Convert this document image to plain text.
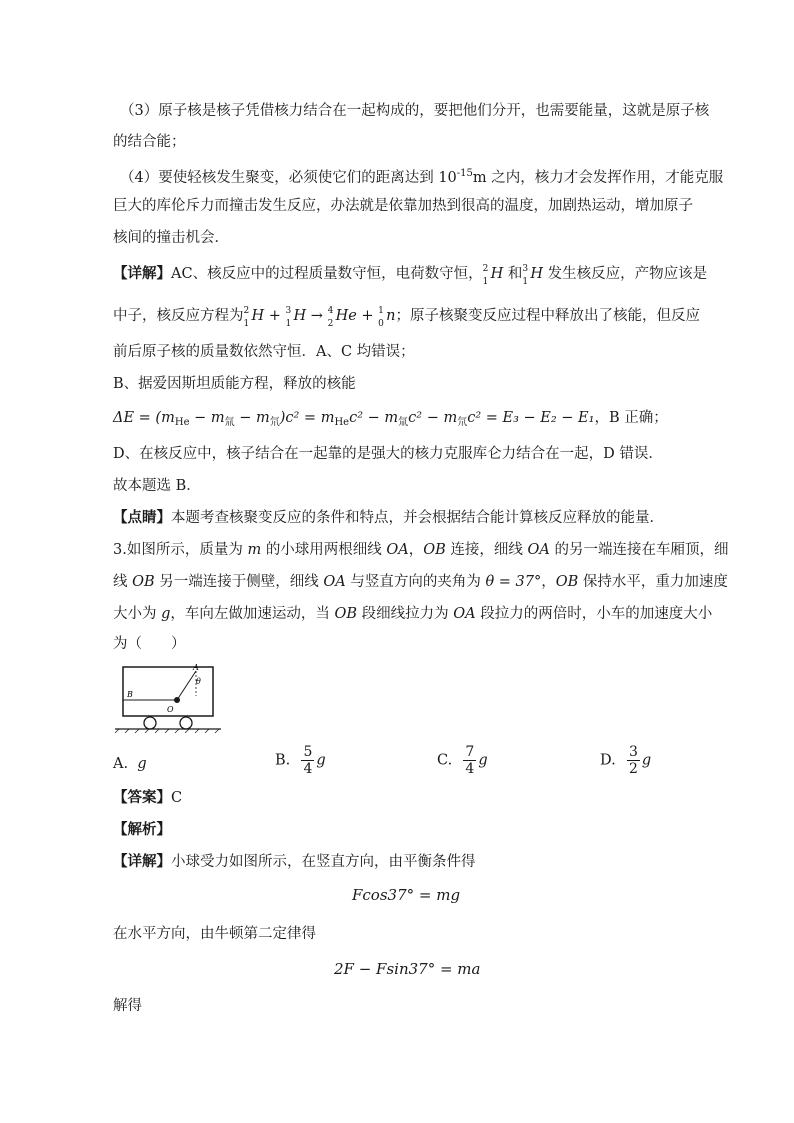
（3）原子核是核子凭借核力结合在一起构成的，要把他们分开，也需要能量，这就是原子核
的结合能；
（4）要使轻核发生聚变，必须使它们的距离达到 $10^{-15}m$ 之内，核力才会发挥作用，才能克服
巨大的库伦斥力而撞击发生反应，办法就是依靠加热到很高的温度，加剧热运动，增加原子
核间的撞击机会．
【详解】AC、核反应中的过程质量数守恒，电荷数守恒， 2
1 H 和 3
1 H 发生核反应，产物应该是
中子，核反应方程为 2
1 H + 3
1 H → 4
2 He + 1
0 n；原子核聚变反应过程中释放出了核能，但反应
前后原子核的质量数依然守恒．A、C 均错误；
B、据爱因斯坦质能方程，释放的核能
$\Delta E = (m_{He} - m_氚 - m_氘)c^2 = m_{He}c^2 - m_氚c^2 - m_氘c^2 = E_3 - E_2 - E_1$，B 正确；
D、在核反应中，核子结合在一起靠的是强大的核力克服库仑力结合在一起，D 错误．
故本题选 B．
【点睛】本题考查核聚变反应的条件和特点，并会根据结合能计算核反应释放的能量．
3.如图所示，质量为 m 的小球用两根细线 OA，OB 连接，细线 OA 的另一端连接在车厢顶，细
线 OB 另一端连接于侧壁，细线 OA 与竖直方向的夹角为 θ = 37°，OB 保持水平，重力加速度
大小为 g，车向左做加速运动，当 OB 段细线拉力为 OA 段拉力的两倍时，小车的加速度大小
为（　　）
A
B
O
θ
A. g	B. $\frac{5}{4}$ g	C. $\frac{7}{4}$ g	D. $\frac{3}{2}$ g
【答案】C
【解析】
【详解】小球受力如图所示，在竖直方向，由平衡条件得
Fcos37° = mg
在水平方向，由牛顿第二定律得
2F − Fsin37° = ma
解得
